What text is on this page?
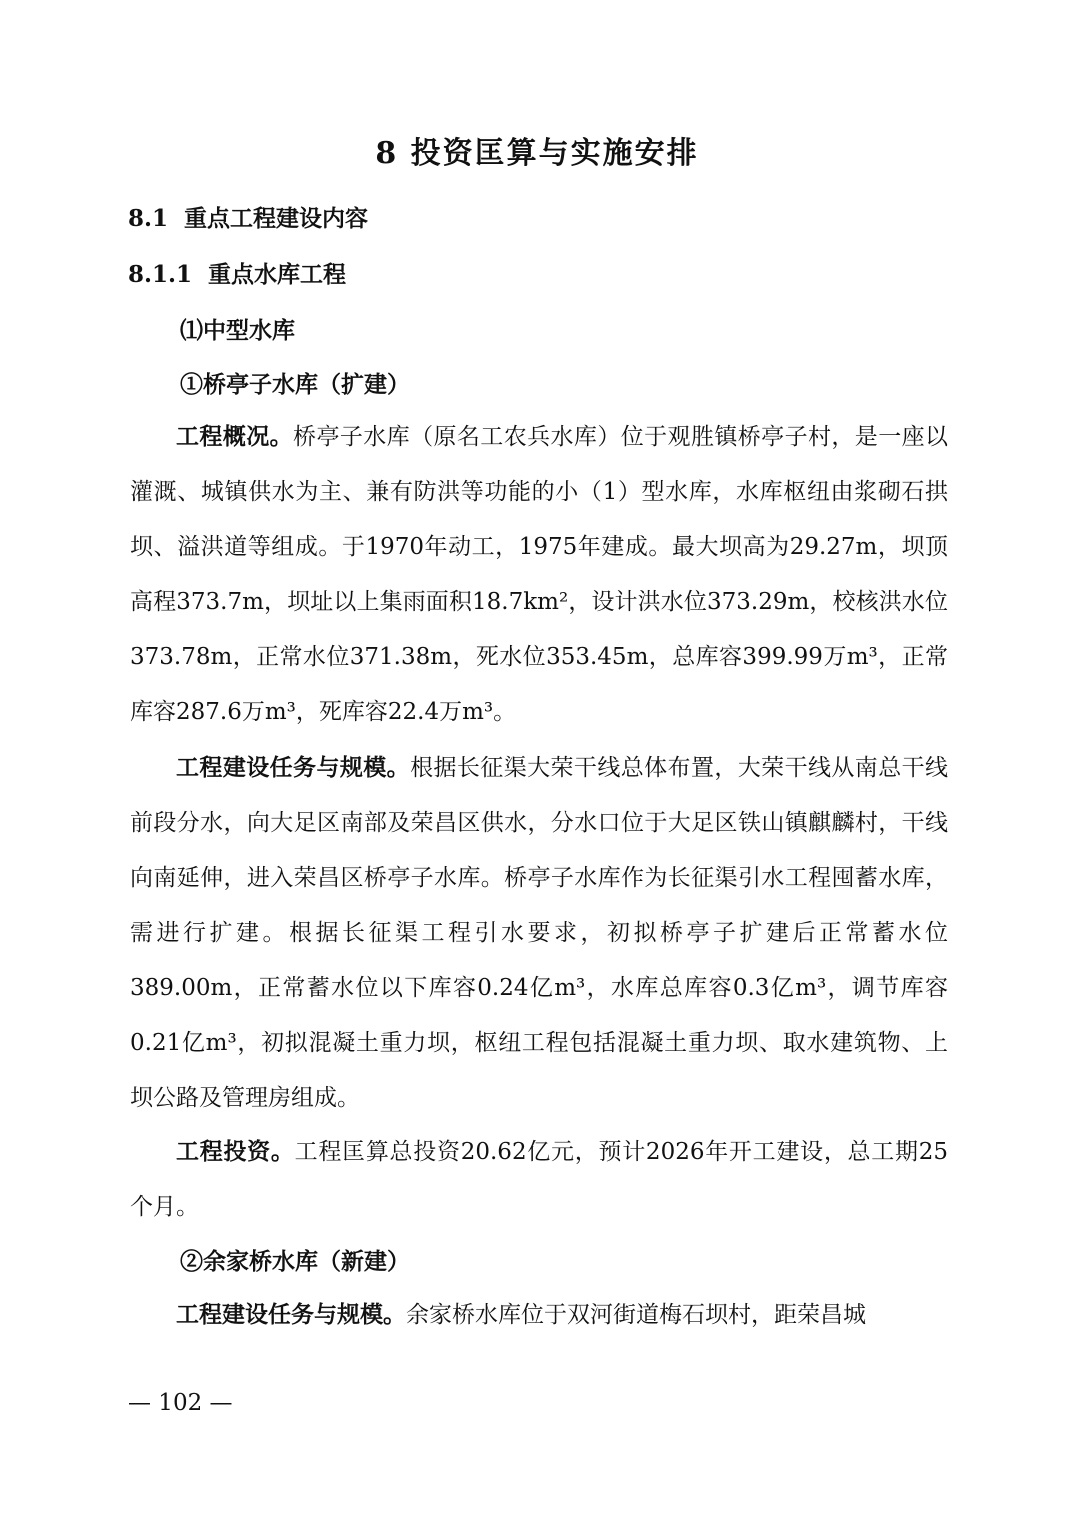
8 投资匡算与实施安排
8.1 重点工程建设内容
8.1.1 重点水库工程
⑴中型水库
①桥亭子水库（扩建）

工程概况。桥亭子水库（原名工农兵水库）位于观胜镇桥亭子村，是一座以灌溉、城镇供水为主、兼有防洪等功能的小（1）型水库，水库枢纽由浆砌石拱坝、溢洪道等组成。于1970年动工，1975年建成。最大坝高为29.27m，坝顶高程373.7m，坝址以上集雨面积18.7km²，设计洪水位373.29m，校核洪水位373.78m，正常水位371.38m，死水位353.45m，总库容399.99万m³，正常库容287.6万m³，死库容22.4万m³。

工程建设任务与规模。根据长征渠大荣干线总体布置，大荣干线从南总干线前段分水，向大足区南部及荣昌区供水，分水口位于大足区铁山镇麒麟村，干线向南延伸，进入荣昌区桥亭子水库。桥亭子水库作为长征渠引水工程囤蓄水库，需进行扩建。根据长征渠工程引水要求，初拟桥亭子扩建后正常蓄水位389.00m，正常蓄水位以下库容0.24亿m³，水库总库容0.3亿m³，调节库容0.21亿m³，初拟混凝土重力坝，枢纽工程包括混凝土重力坝、取水建筑物、上坝公路及管理房组成。

工程投资。工程匡算总投资20.62亿元，预计2026年开工建设，总工期25个月。

②余家桥水库（新建）

工程建设任务与规模。余家桥水库位于双河街道梅石坝村，距荣昌城

— 102 —
